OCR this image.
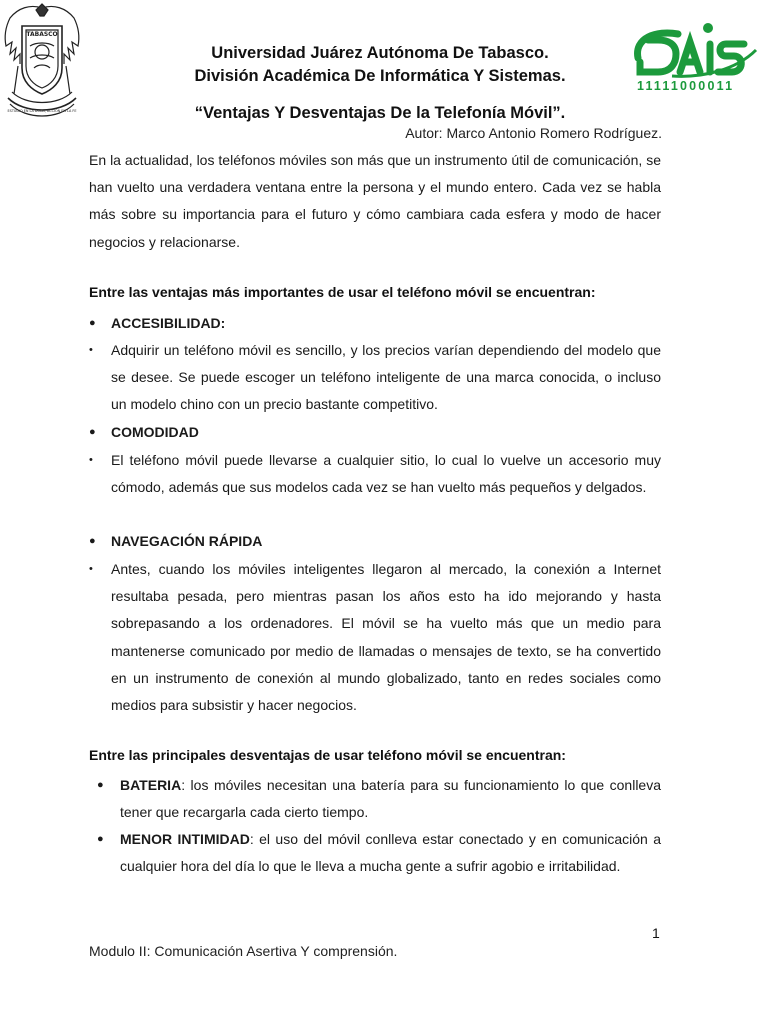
TABASCO
ESTUDIO EN LA DUDA, ACCIÓN EN LA FE
11111000011
Universidad Juárez Autónoma De Tabasco.
División Académica De Informática Y Sistemas.
“Ventajas Y Desventajas De la Telefonía Móvil”.
Autor: Marco Antonio Romero Rodríguez.
En la actualidad, los teléfonos móviles son más que un instrumento útil de comunicación, se han vuelto una verdadera ventana entre la persona y el mundo entero. Cada vez se habla más sobre su importancia para el futuro y cómo cambiara cada esfera y modo de hacer negocios y relacionarse.
Entre las ventajas más importantes de usar el teléfono móvil se encuentran:
● ACCESIBILIDAD:
•	Adquirir un teléfono móvil es sencillo, y los precios varían dependiendo del modelo que se desee. Se puede escoger un teléfono inteligente de una marca conocida, o incluso un modelo chino con un precio bastante competitivo.
● COMODIDAD
•	El teléfono móvil puede llevarse a cualquier sitio, lo cual lo vuelve un accesorio muy cómodo, además que sus modelos cada vez se han vuelto más pequeños y delgados.
● NAVEGACIÓN RÁPIDA
•	Antes, cuando los móviles inteligentes llegaron al mercado, la conexión a Internet resultaba pesada, pero mientras pasan los años esto ha ido mejorando y hasta sobrepasando a los ordenadores. El móvil se ha vuelto más que un medio para mantenerse comunicado por medio de llamadas o mensajes de texto, se ha convertido en un instrumento de conexión al mundo globalizado, tanto en redes sociales como medios para subsistir y hacer negocios.
Entre las principales desventajas de usar teléfono móvil se encuentran:
● BATERIA: los móviles necesitan una batería para su funcionamiento lo que conlleva tener que recargarla cada cierto tiempo.
● MENOR INTIMIDAD: el uso del móvil conlleva estar conectado y en comunicación a cualquier hora del día lo que le lleva a mucha gente a sufrir agobio e irritabilidad.
1
Modulo II: Comunicación Asertiva Y comprensión.
